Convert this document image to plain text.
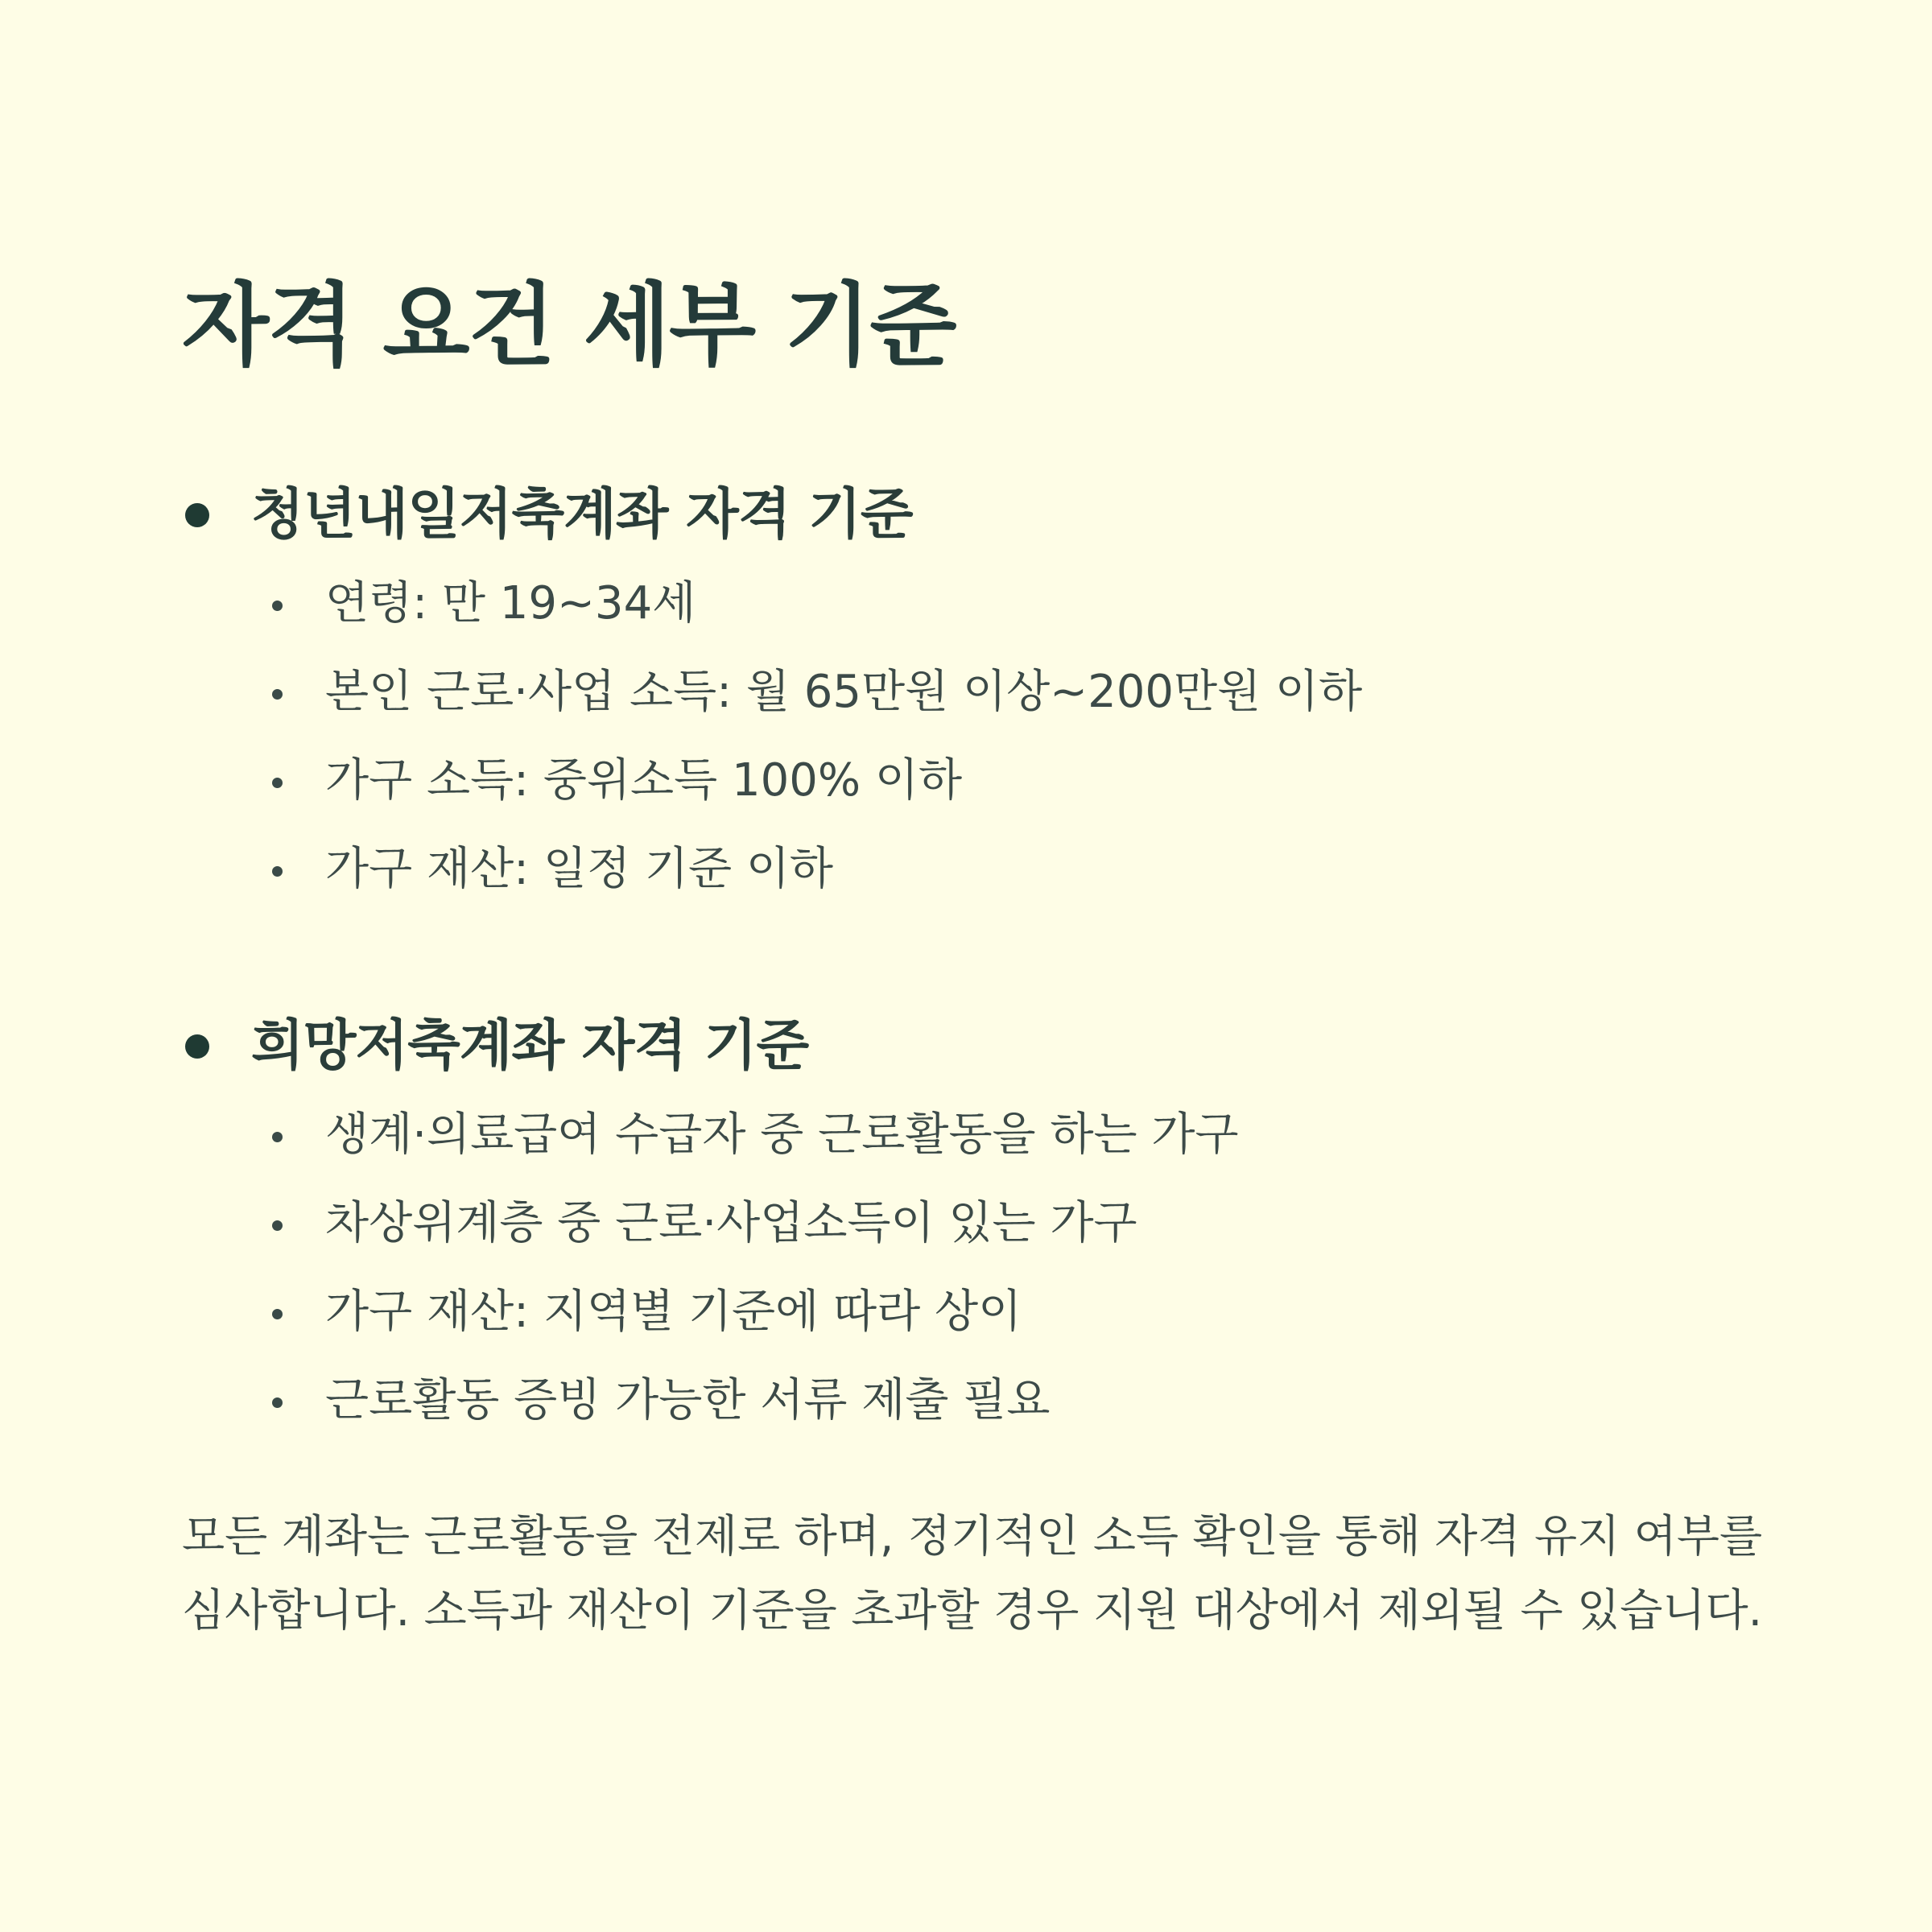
자격 요건 세부 기준
청년내일저축계좌 자격 기준
연령: 만 19~34세
본인 근로·사업 소득: 월 65만원 이상~200만원 이하
가구 소득: 중위소득 100% 이하
가구 재산: 일정 기준 이하
희망저축계좌 자격 기준
생계·의료급여 수급자 중 근로활동을 하는 가구
차상위계층 중 근로·사업소득이 있는 가구
가구 재산: 지역별 기준에 따라 상이
근로활동 증빙 가능한 서류 제출 필요

모든 계좌는 근로활동을 전제로 하며, 정기적인 소득 확인을 통해 자격 유지 여부를 심사합니다. 소득과 재산이 기준을 초과할 경우 지원 대상에서 제외될 수 있습니다.
